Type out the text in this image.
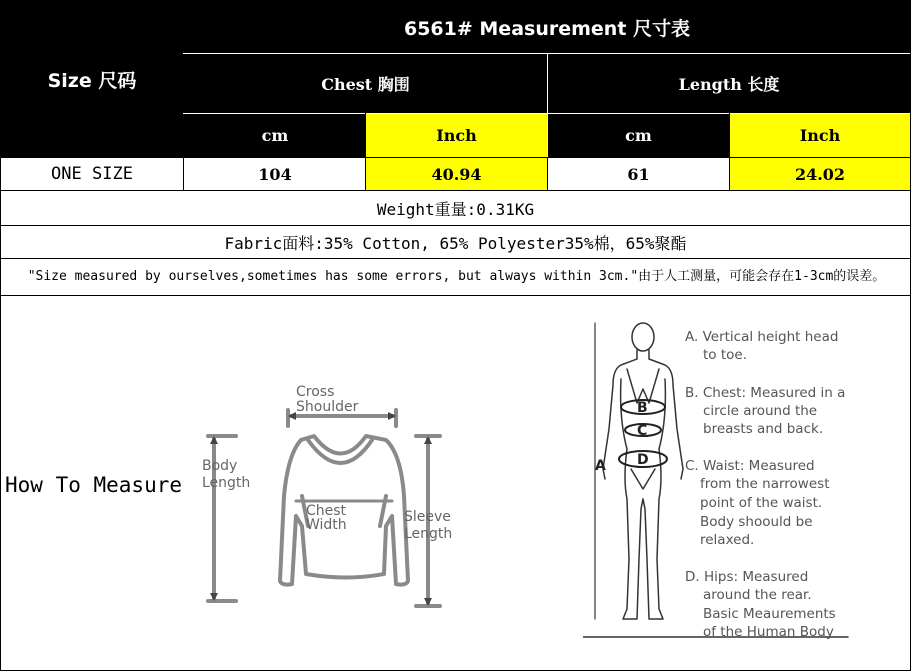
Size 尺码
6561# Measurement 尺寸表
Chest 胸围	Length 长度
cm	Inch	cm	Inch
ONE SIZE	104	40.94	61	24.02
Weight重量:0.31KG
Fabric面料:35% Cotton, 65% Polyester35%棉，65%聚酯
"Size measured by ourselves,sometimes has some errors, but always within 3cm."由于人工测量，可能会存在1-3cm的误差。
How To Measure
Cross
Shoulder
Body
Length
Chest
Width	Sleeve
Length
B
C
D
A
A. Vertical height head
to toe.
B. Chest: Measured in a
circle around the
breasts and back.
C. Waist: Measured
from the narrowest
point of the waist.
Body shoould be
relaxed.
D. Hips: Measured
around the rear.
Basic Meaurements
of the Human Body
